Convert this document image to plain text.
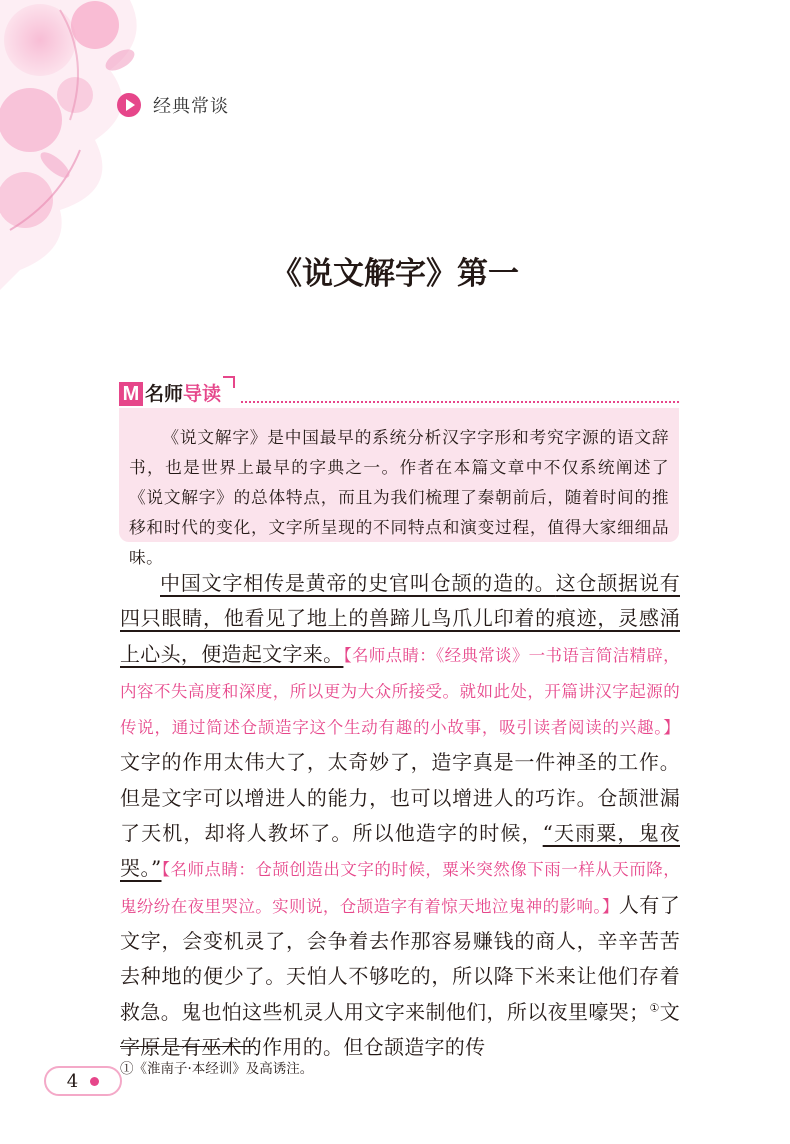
经典常谈
《说文解字》第一
M 名师 导读

《说文解字》是中国最早的系统分析汉字字形和考究字源的语文辞书，也是世界上最早的字典之一。作者在本篇文章中不仅系统阐述了《说文解字》的总体特点，而且为我们梳理了秦朝前后，随着时间的推移和时代的变化，文字所呈现的不同特点和演变过程，值得大家细细品味。

中国文字相传是黄帝的史官叫仓颉的造的。这仓颉据说有四只眼睛，他看见了地上的兽蹄儿鸟爪儿印着的痕迹，灵感涌上心头，便造起文字来。【名师点睛：《经典常谈》一书语言简洁精辟，内容不失高度和深度，所以更为大众所接受。就如此处，开篇讲汉字起源的传说，通过简述仓颉造字这个生动有趣的小故事，吸引读者阅读的兴趣。】文字的作用太伟大了，太奇妙了，造字真是一件神圣的工作。但是文字可以增进人的能力，也可以增进人的巧诈。仓颉泄漏了天机，却将人教坏了。所以他造字的时候，“天雨粟，鬼夜哭。”【名师点睛：仓颉创造出文字的时候，粟米突然像下雨一样从天而降，鬼纷纷在夜里哭泣。实则说，仓颉造字有着惊天地泣鬼神的影响。】人有了文字，会变机灵了，会争着去作那容易赚钱的商人，辛辛苦苦去种地的便少了。天怕人不够吃的，所以降下米来让他们存着救急。鬼也怕这些机灵人用文字来制他们，所以夜里嚎哭；①文字原是有巫术的作用的。但仓颉造字的传

①《淮南子·本经训》及高诱注。
4
